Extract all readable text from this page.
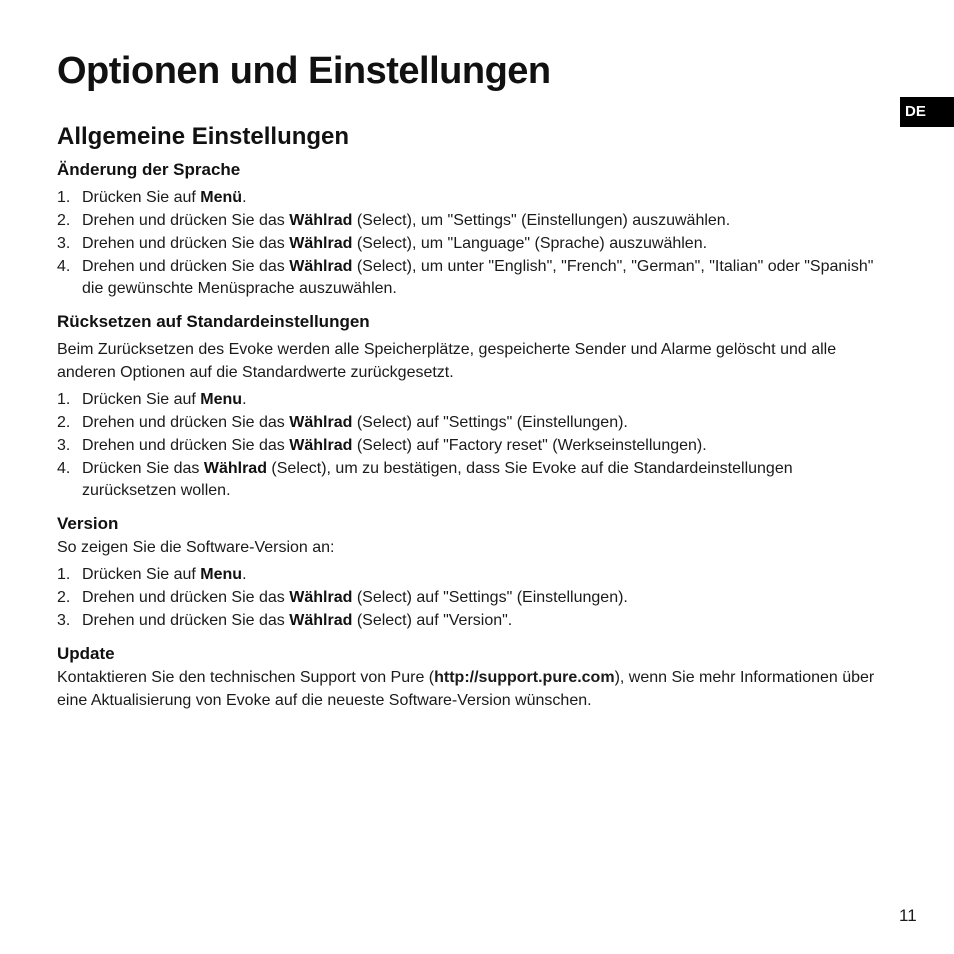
Optionen und Einstellungen
DE
Allgemeine Einstellungen
Änderung der Sprache
1. Drücken Sie auf Menü.
2. Drehen und drücken Sie das Wählrad (Select), um "Settings" (Einstellungen) auszuwählen.
3. Drehen und drücken Sie das Wählrad (Select), um "Language" (Sprache) auszuwählen.
4. Drehen und drücken Sie das Wählrad (Select), um unter "English", "French", "German", "Italian" oder "Spanish" die gewünschte Menüsprache auszuwählen.
Rücksetzen auf Standardeinstellungen

Beim Zurücksetzen des Evoke werden alle Speicherplätze, gespeicherte Sender und Alarme gelöscht und alle anderen Optionen auf die Standardwerte zurückgesetzt.

1. Drücken Sie auf Menu.
2. Drehen und drücken Sie das Wählrad (Select) auf "Settings" (Einstellungen).
3. Drehen und drücken Sie das Wählrad (Select) auf "Factory reset" (Werkseinstellungen).
4. Drücken Sie das Wählrad (Select), um zu bestätigen, dass Sie Evoke auf die Standardeinstellungen zurücksetzen wollen.
Version

So zeigen Sie die Software-Version an:

1. Drücken Sie auf Menu.
2. Drehen und drücken Sie das Wählrad (Select) auf "Settings" (Einstellungen).
3. Drehen und drücken Sie das Wählrad (Select) auf "Version".
Update

Kontaktieren Sie den technischen Support von Pure (http://support.pure.com), wenn Sie mehr Informationen über eine Aktualisierung von Evoke auf die neueste Software-Version wünschen.

11
